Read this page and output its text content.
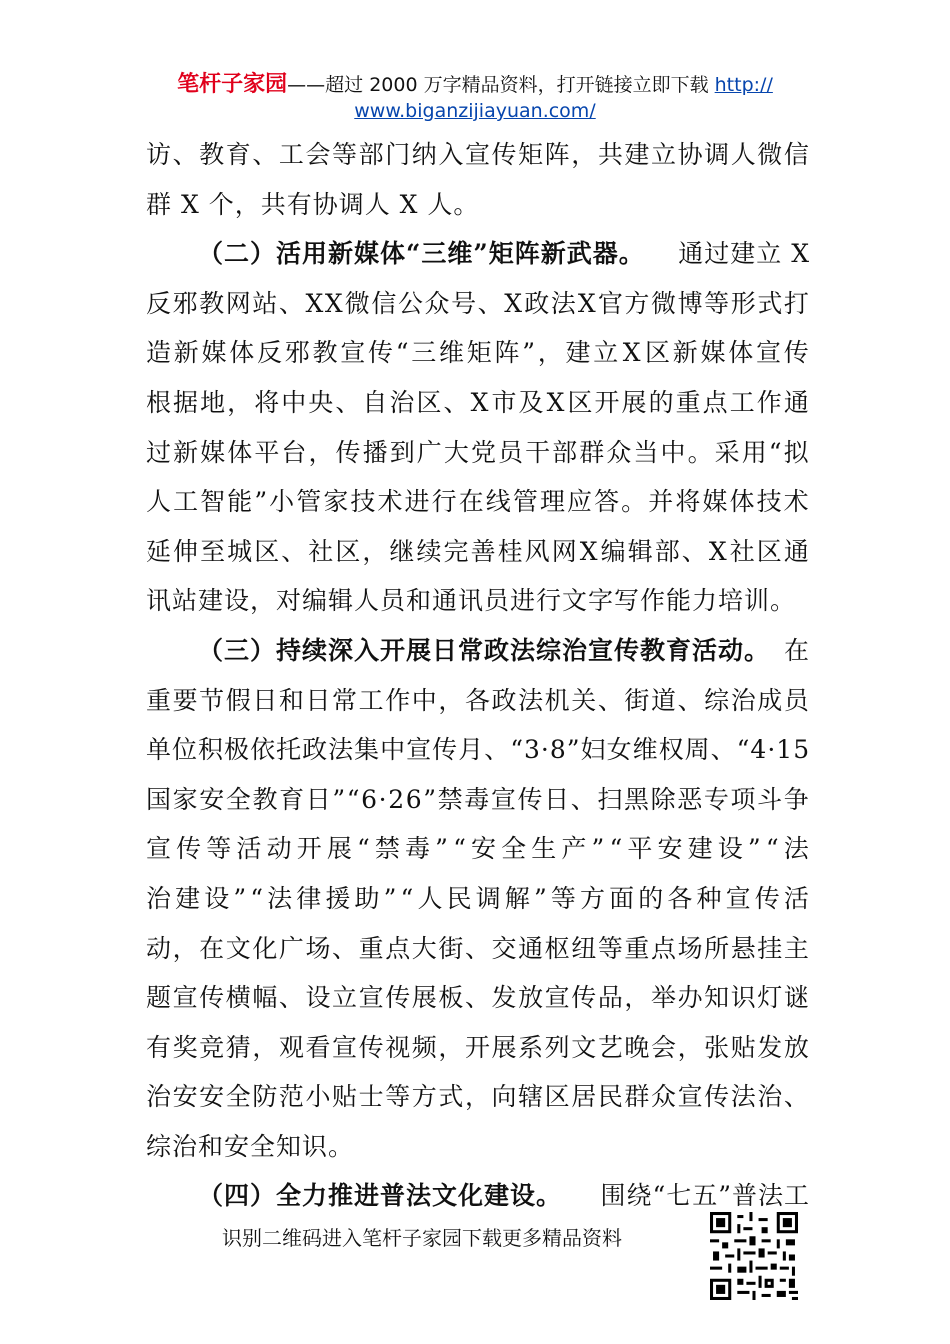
笔杆子家园——超过 2000 万字精品资料，打开链接立即下载 http://
www.biganzijiayuan.com/
访 、 教 育 、 工 会 等 部 门 纳 入 宣 传 矩 阵 ， 共 建 立 协 调 人 微 信
群 X 个，共有协调人 X 人。
（二）活用新媒体“三维”矩阵新武器。 通过建立 X
反 邪 教 网 站 、 X X 微 信 公 众 号 、 X 政 法 X 官 方 微 博 等 形 式 打
造 新 媒 体 反 邪 教 宣 传 “ 三 维 矩 阵 ” ， 建 立 X 区 新 媒 体 宣 传
根 据 地 ， 将 中 央 、 自 治 区 、 X 市 及 X 区 开 展 的 重 点 工 作 通
过 新 媒 体 平 台 ， 传 播 到 广 大 党 员 干 部 群 众 当 中 。 采 用 “ 拟
人 工 智 能 ” 小 管 家 技 术 进 行 在 线 管 理 应 答 。 并 将 媒 体 技 术
延 伸 至 城 区 、 社 区 ， 继 续 完 善 桂 风 网 X 编 辑 部 、 X 社 区 通
讯站建设，对编辑人员和通讯员进行文字写作能力培训。
（三）持续深入开展日常政法综治宣传教育活动。 在
重 要 节 假 日 和 日 常 工 作 中 ， 各 政 法 机 关 、 街 道 、 综 治 成 员
单 位 积 极 依 托 政 法 集 中 宣 传 月 、 “ 3 · 8 ” 妇 女 维 权 周 、 “ 4 · 1 5
国 家 安 全 教 育 日 ” “ 6 · 2 6 ” 禁 毒 宣 传 日 、 扫 黑 除 恶 专 项 斗 争
宣 传 等 活 动 开 展 “ 禁 毒 ” “ 安 全 生 产 ” “ 平 安 建 设 ” “ 法
治 建 设 ” “ 法 律 援 助 ” “ 人 民 调 解 ” 等 方 面 的 各 种 宣 传 活
动 ， 在 文 化 广 场 、 重 点 大 街 、 交 通 枢 纽 等 重 点 场 所 悬 挂 主
题 宣 传 横 幅 、 设 立 宣 传 展 板 、 发 放 宣 传 品 ， 举 办 知 识 灯 谜
有 奖 竞 猜 ， 观 看 宣 传 视 频 ， 开 展 系 列 文 艺 晚 会 ， 张 贴 发 放
治 安 安 全 防 范 小 贴 士 等 方 式 ， 向 辖 区 居 民 群 众 宣 传 法 治 、
综治和安全知识。
（四）全力推进普法文化建设。 围绕“七五”普法工
识别二维码进入笔杆子家园下载更多精品资料
